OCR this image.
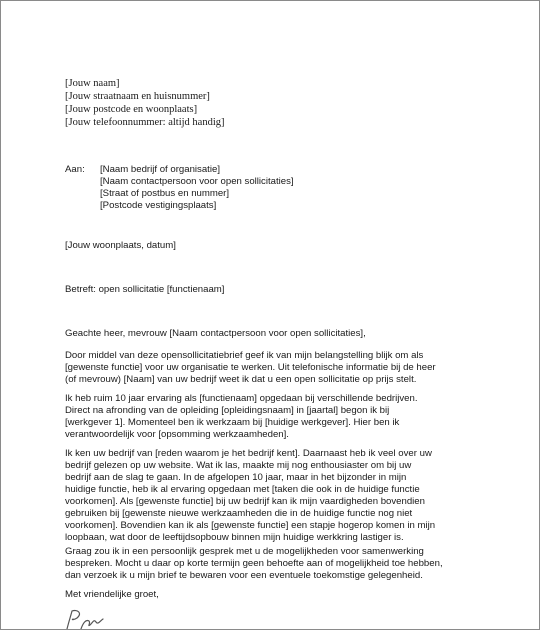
[Jouw naam]
[Jouw straatnaam en huisnummer]
[Jouw postcode en woonplaats]
[Jouw telefoonnummer: altijd handig]
Aan: [Naam bedrijf of organisatie]
[Naam contactpersoon voor open sollicitaties]
[Straat of postbus en nummer]
[Postcode vestigingsplaats]
[Jouw woonplaats, datum]
Betreft: open sollicitatie [functienaam]
Geachte heer, mevrouw [Naam contactpersoon voor open sollicitaties],
Door middel van deze opensollicitatiebrief geef ik van mijn belangstelling blijk om als
[gewenste functie] voor uw organisatie te werken. Uit telefonische informatie bij de heer
(of mevrouw) [Naam] van uw bedrijf weet ik dat u een open sollicitatie op prijs stelt.
Ik heb ruim 10 jaar ervaring als [functienaam] opgedaan bij verschillende bedrijven.
Direct na afronding van de opleiding [opleidingsnaam] in [jaartal] begon ik bij
[werkgever 1]. Momenteel ben ik werkzaam bij [huidige werkgever]. Hier ben ik
verantwoordelijk voor [opsomming werkzaamheden].
Ik ken uw bedrijf van [reden waarom je het bedrijf kent]. Daarnaast heb ik veel over uw
bedrijf gelezen op uw website. Wat ik las, maakte mij nog enthousiaster om bij uw
bedrijf aan de slag te gaan. In de afgelopen 10 jaar, maar in het bijzonder in mijn
huidige functie, heb ik al ervaring opgedaan met [taken die ook in de huidige functie
voorkomen]. Als [gewenste functie] bij uw bedrijf kan ik mijn vaardigheden bovendien
gebruiken bij [gewenste nieuwe werkzaamheden die in de huidige functie nog niet
voorkomen]. Bovendien kan ik als [gewenste functie] een stapje hogerop komen in mijn
loopbaan, wat door de leeftijdsopbouw binnen mijn huidige werkkring lastiger is.
Graag zou ik in een persoonlijk gesprek met u de mogelijkheden voor samenwerking
bespreken. Mocht u daar op korte termijn geen behoefte aan of mogelijkheid toe hebben,
dan verzoek ik u mijn brief te bewaren voor een eventuele toekomstige gelegenheid.
Met vriendelijke groet,
